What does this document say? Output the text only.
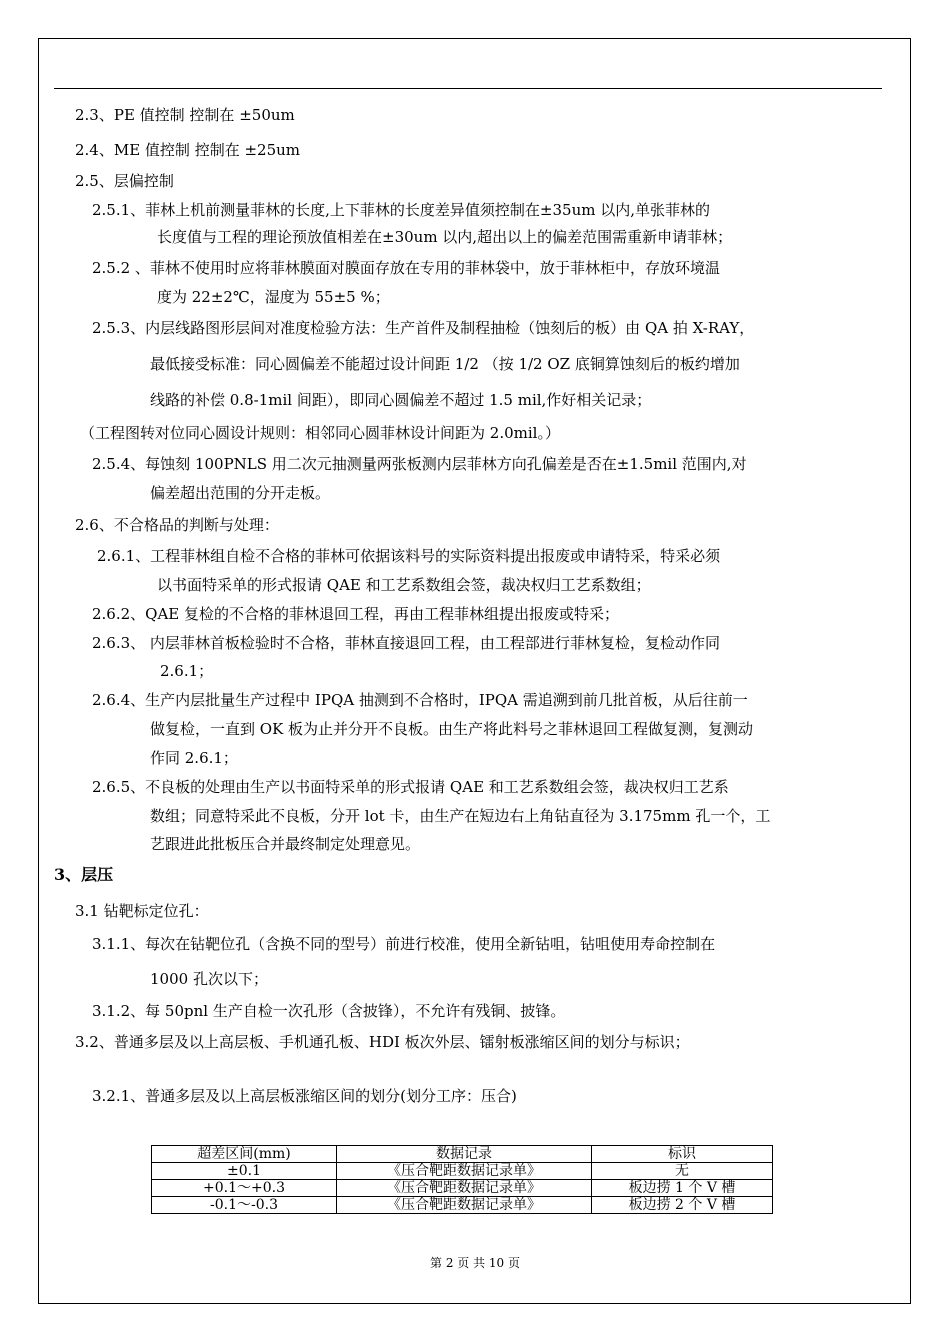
2.3、PE 值控制 控制在 ±50um
2.4、ME 值控制 控制在 ±25um
2.5、层偏控制
2.5.1、菲林上机前测量菲林的长度,上下菲林的长度差异值须控制在±35um 以内,单张菲林的
长度值与工程的理论预放值相差在±30um 以内,超出以上的偏差范围需重新申请菲林；
2.5.2 、菲林不使用时应将菲林膜面对膜面存放在专用的菲林袋中，放于菲林柜中，存放环境温
度为 22±2℃，湿度为 55±5 %；
2.5.3、内层线路图形层间对准度检验方法：生产首件及制程抽检（蚀刻后的板）由 QA 拍 X-RAY，
最低接受标准：同心圆偏差不能超过设计间距 1/2 （按 1/2 OZ 底铜算蚀刻后的板约增加
线路的补偿 0.8-1mil 间距），即同心圆偏差不超过 1.5 mil,作好相关记录；
（工程图转对位同心圆设计规则：相邻同心圆菲林设计间距为 2.0mil。）
2.5.4、每蚀刻 100PNLS 用二次元抽测量两张板测内层菲林方向孔偏差是否在±1.5mil 范围内,对
偏差超出范围的分开走板。
2.6、不合格品的判断与处理：
2.6.1、工程菲林组自检不合格的菲林可依据该料号的实际资料提出报废或申请特采，特采必须
以书面特采单的形式报请 QAE 和工艺系数组会签，裁决权归工艺系数组；
2.6.2、QAE 复检的不合格的菲林退回工程，再由工程菲林组提出报废或特采；
2.6.3、 内层菲林首板检验时不合格，菲林直接退回工程，由工程部进行菲林复检，复检动作同
2.6.1；
2.6.4、生产内层批量生产过程中 IPQA 抽测到不合格时，IPQA 需追溯到前几批首板，从后往前一
做复检，一直到 OK 板为止并分开不良板。由生产将此料号之菲林退回工程做复测，复测动
作同 2.6.1；
2.6.5、不良板的处理由生产以书面特采单的形式报请 QAE 和工艺系数组会签，裁决权归工艺系
数组；同意特采此不良板，分开 lot 卡，由生产在短边右上角钻直径为 3.175mm 孔一个，工
艺跟进此批板压合并最终制定处理意见。
3、层压
3.1 钻靶标定位孔：
3.1.1、每次在钻靶位孔（含换不同的型号）前进行校准，使用全新钻咀，钻咀使用寿命控制在
1000 孔次以下；
3.1.2、每 50pnl 生产自检一次孔形（含披锋），不允许有残铜、披锋。
3.2、普通多层及以上高层板、手机通孔板、HDI 板次外层、镭射板涨缩区间的划分与标识；
3.2.1、普通多层及以上高层板涨缩区间的划分(划分工序：压合)
超差区间(mm)	数据记录	标识
±0.1	《压合靶距数据记录单》	无
+0.1～+0.3	《压合靶距数据记录单》	板边捞 1 个 V 槽
-0.1～-0.3	《压合靶距数据记录单》	板边捞 2 个 V 槽
第 2 页 共 10 页
